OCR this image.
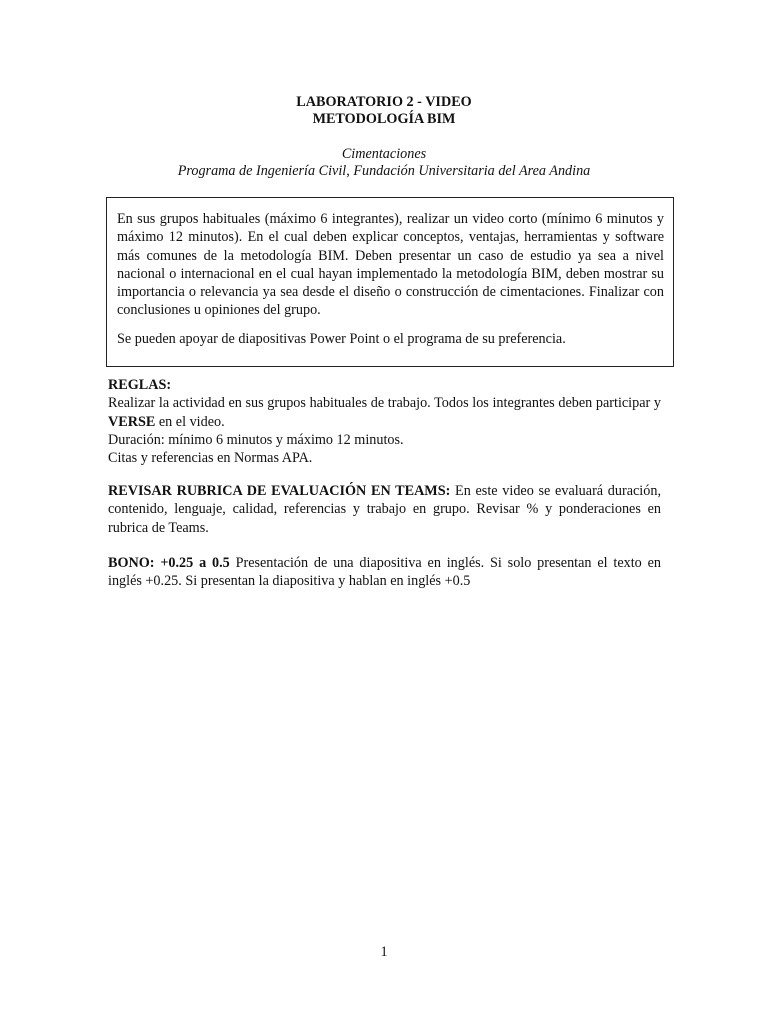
LABORATORIO 2 - VIDEO
METODOLOGÍA BIM
Cimentaciones
Programa de Ingeniería Civil, Fundación Universitaria del Area Andina

En sus grupos habituales (máximo 6 integrantes), realizar un video corto (mínimo 6 minutos y máximo 12 minutos). En el cual deben explicar conceptos, ventajas, herramientas y software más comunes de la metodología BIM. Deben presentar un caso de estudio ya sea a nivel nacional o internacional en el cual hayan implementado la metodología BIM, deben mostrar su importancia o relevancia ya sea desde el diseño o construcción de cimentaciones. Finalizar con conclusiones u opiniones del grupo.

Se pueden apoyar de diapositivas Power Point o el programa de su preferencia.

REGLAS:

Realizar la actividad en sus grupos habituales de trabajo. Todos los integrantes deben participar y VERSE en el video.

Duración: mínimo 6 minutos y máximo 12 minutos.

Citas y referencias en Normas APA.

REVISAR RUBRICA DE EVALUACIÓN EN TEAMS: En este video se evaluará duración, contenido, lenguaje, calidad, referencias y trabajo en grupo. Revisar % y ponderaciones en rubrica de Teams.

BONO: +0.25 a 0.5 Presentación de una diapositiva en inglés. Si solo presentan el texto en inglés +0.25. Si presentan la diapositiva y hablan en inglés +0.5

1
